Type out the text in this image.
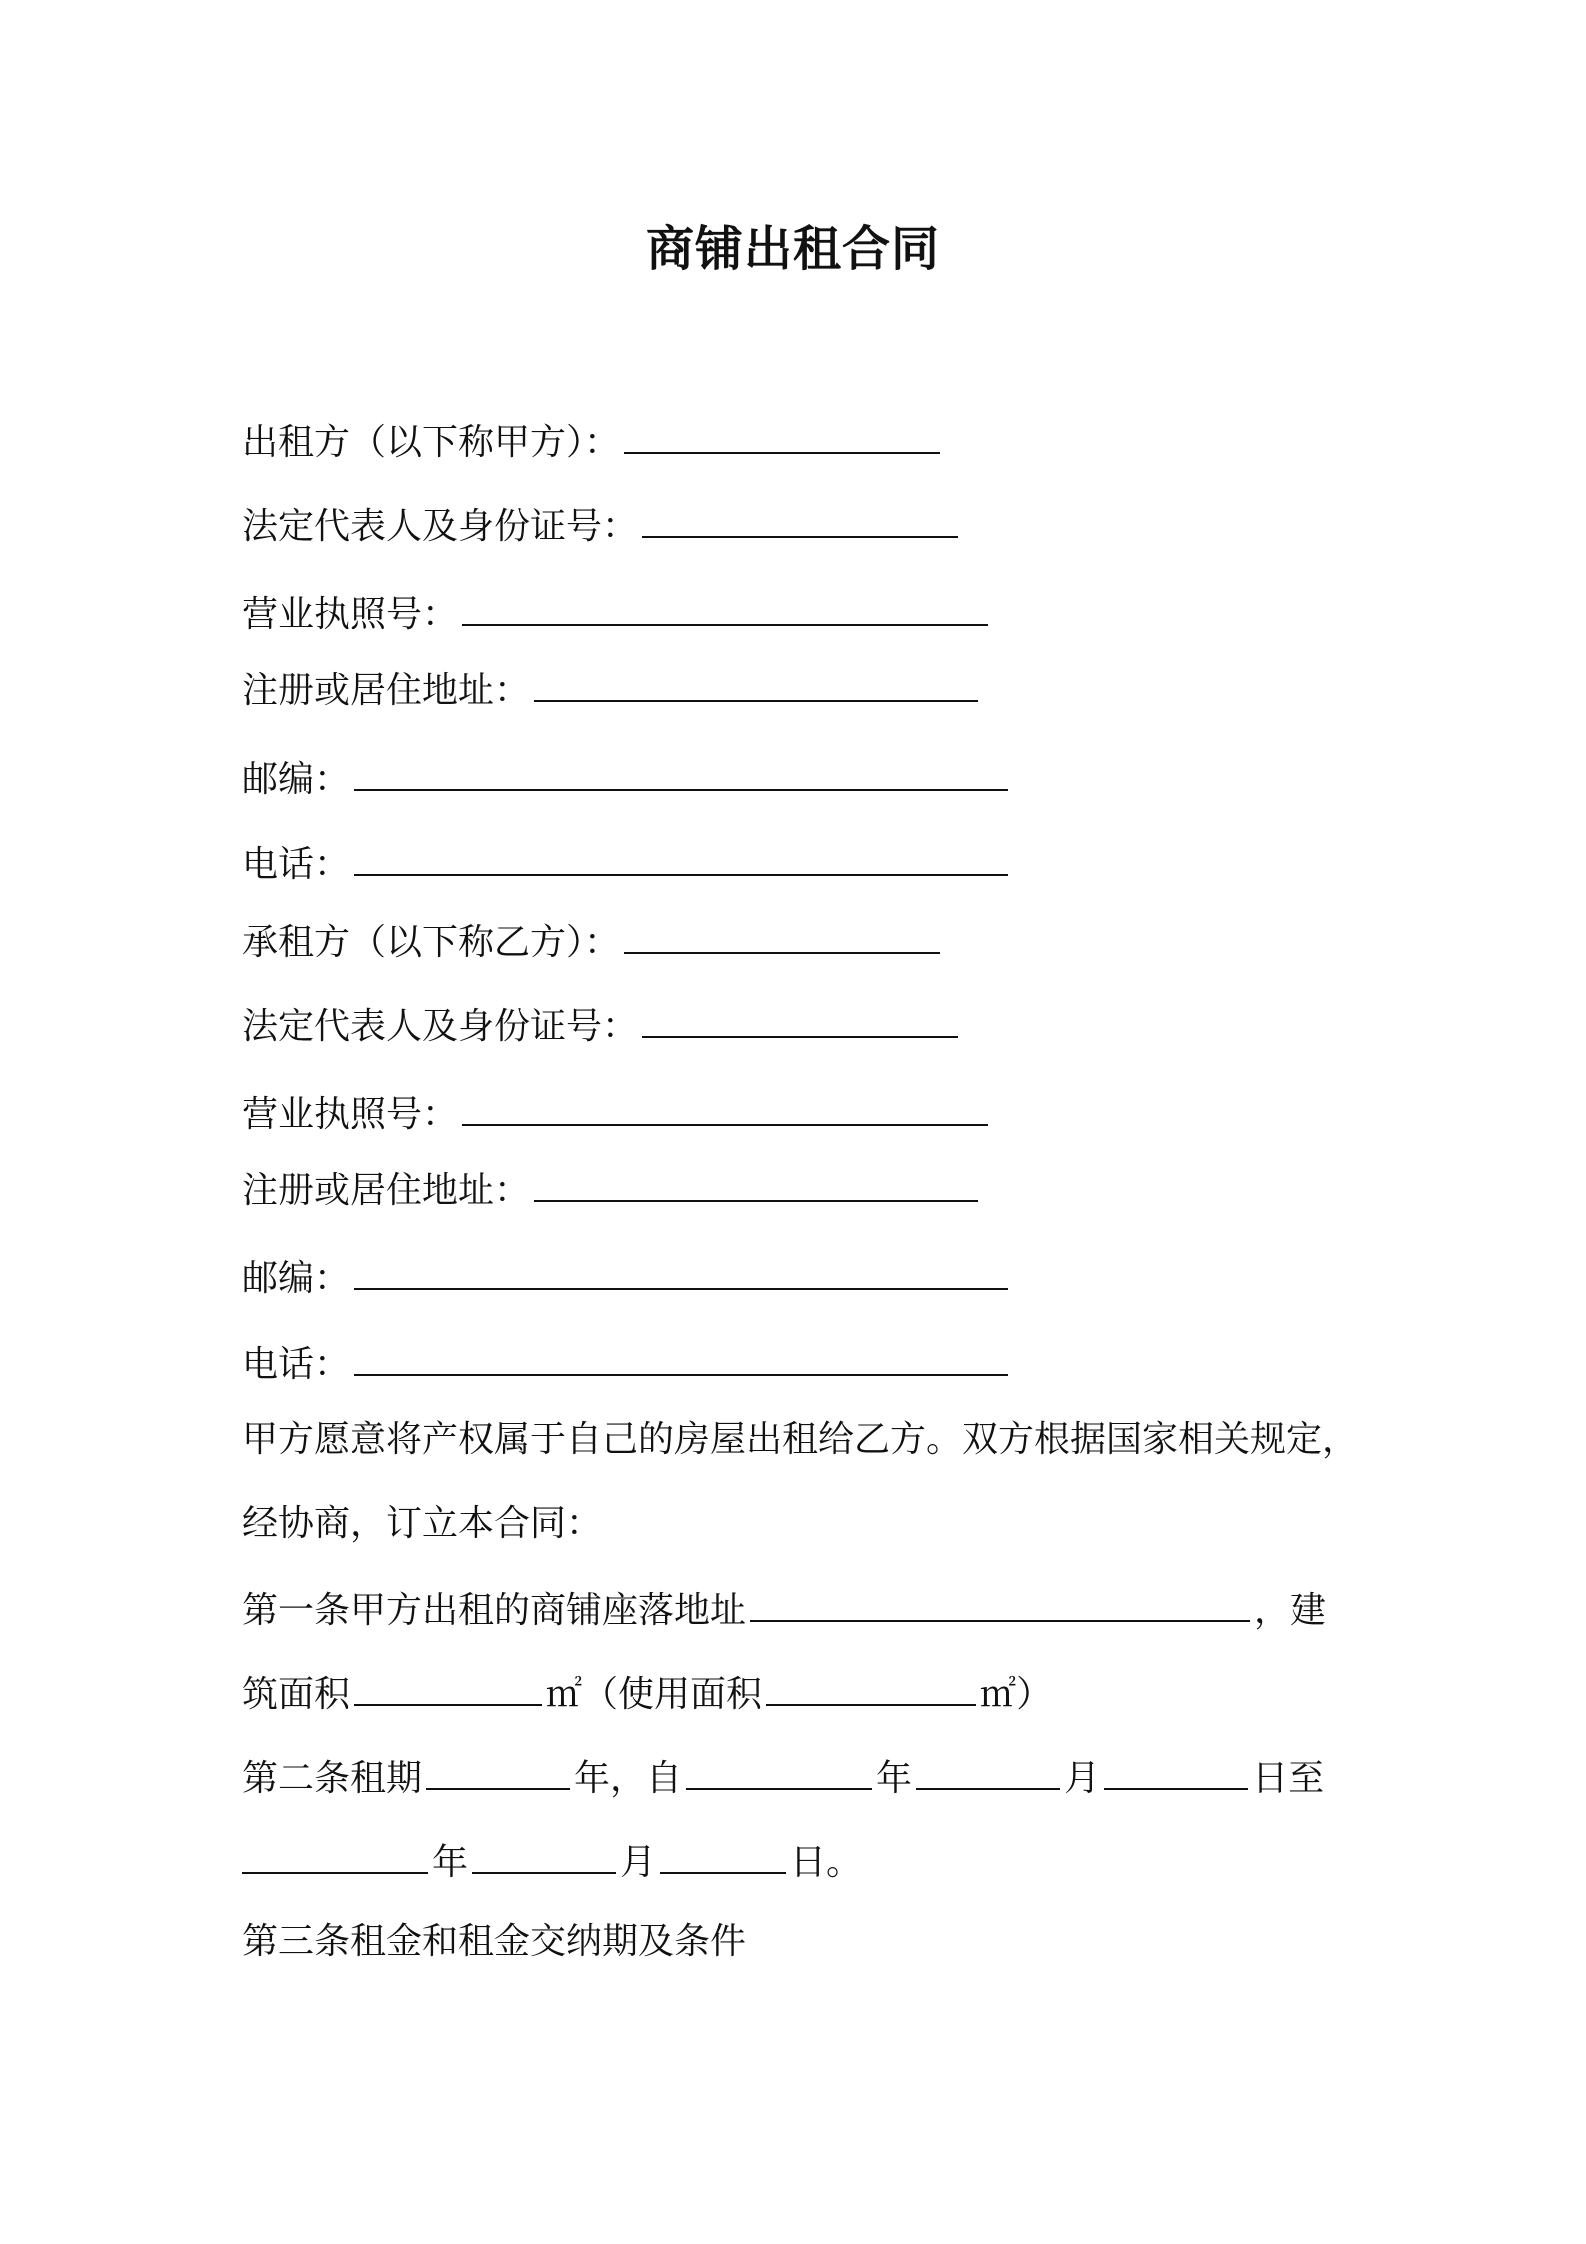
商铺出租合同

出租方（以下称甲方）：

法定代表人及身份证号：

营业执照号：

注册或居住地址：

邮编：

电话：

承租方（以下称乙方）：

法定代表人及身份证号：

营业执照号：

注册或居住地址：

邮编：

电话：

甲方愿意将产权属于自己的房屋出租给乙方。双方根据国家相关规定，

经协商，订立本合同：

第一条甲方出租的商铺座落地址	，建

筑面积	㎡（使用面积	㎡）

第二条租期	年，自	年	月	日至

年	月	日。

第三条租金和租金交纳期及条件
